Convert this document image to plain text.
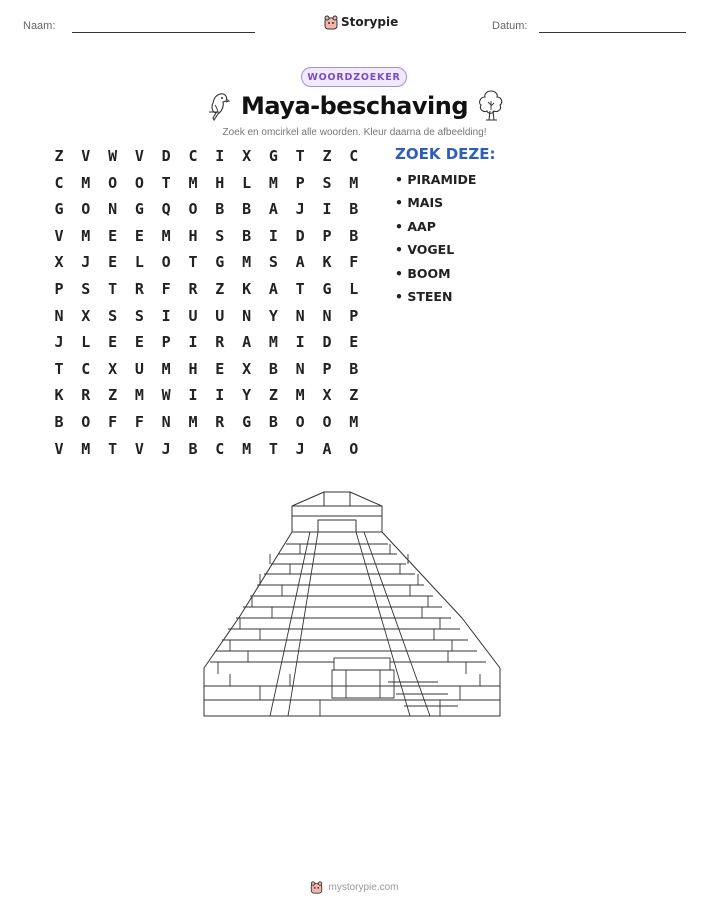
Naam:	Storypie	Datum:
WOORDZOEKER
Maya-beschaving
Zoek en omcirkel alle woorden. Kleur daarna de afbeelding!
Z	V	W	V	D	C	I	X	G	T	Z	C
C	M	O	O	T	M	H	L	M	P	S	M
G	O	N	G	Q	O	B	B	A	J	I	B
V	M	E	E	M	H	S	B	I	D	P	B
X	J	E	L	O	T	G	M	S	A	K	F
P	S	T	R	F	R	Z	K	A	T	G	L
N	X	S	S	I	U	U	N	Y	N	N	P
J	L	E	E	P	I	R	A	M	I	D	E
T	C	X	U	M	H	E	X	B	N	P	B
K	R	Z	M	W	I	I	Y	Z	M	X	Z
B	O	F	F	N	M	R	G	B	O	O	M
V	M	T	V	J	B	C	M	T	J	A	O
ZOEK DEZE:
• PIRAMIDE
• MAIS
• AAP
• VOGEL
• BOOM
• STEEN
mystorypie.com
